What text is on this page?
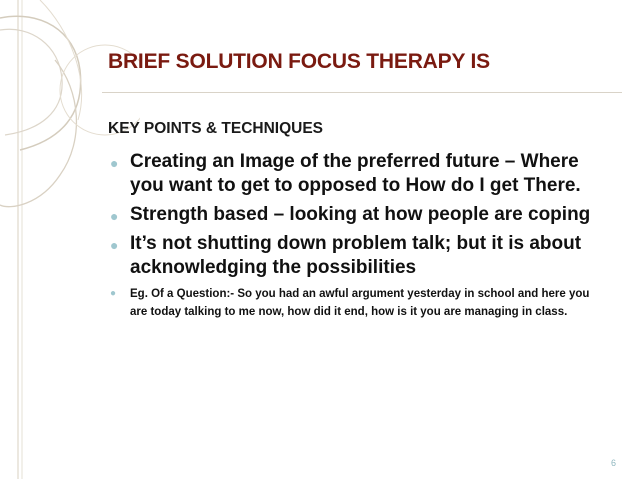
BRIEF SOLUTION FOCUS THERAPY IS
KEY POINTS & TECHNIQUES
● Creating an Image of the preferred future – Where you want to get to opposed to How do I get There.
● Strength based – looking at how people are coping
● It’s not shutting down problem talk; but it is about acknowledging the possibilities
● Eg. Of a Question:- So you had an awful argument yesterday in school and here you are today talking to me now, how did it end, how is it you are managing in class.
6
